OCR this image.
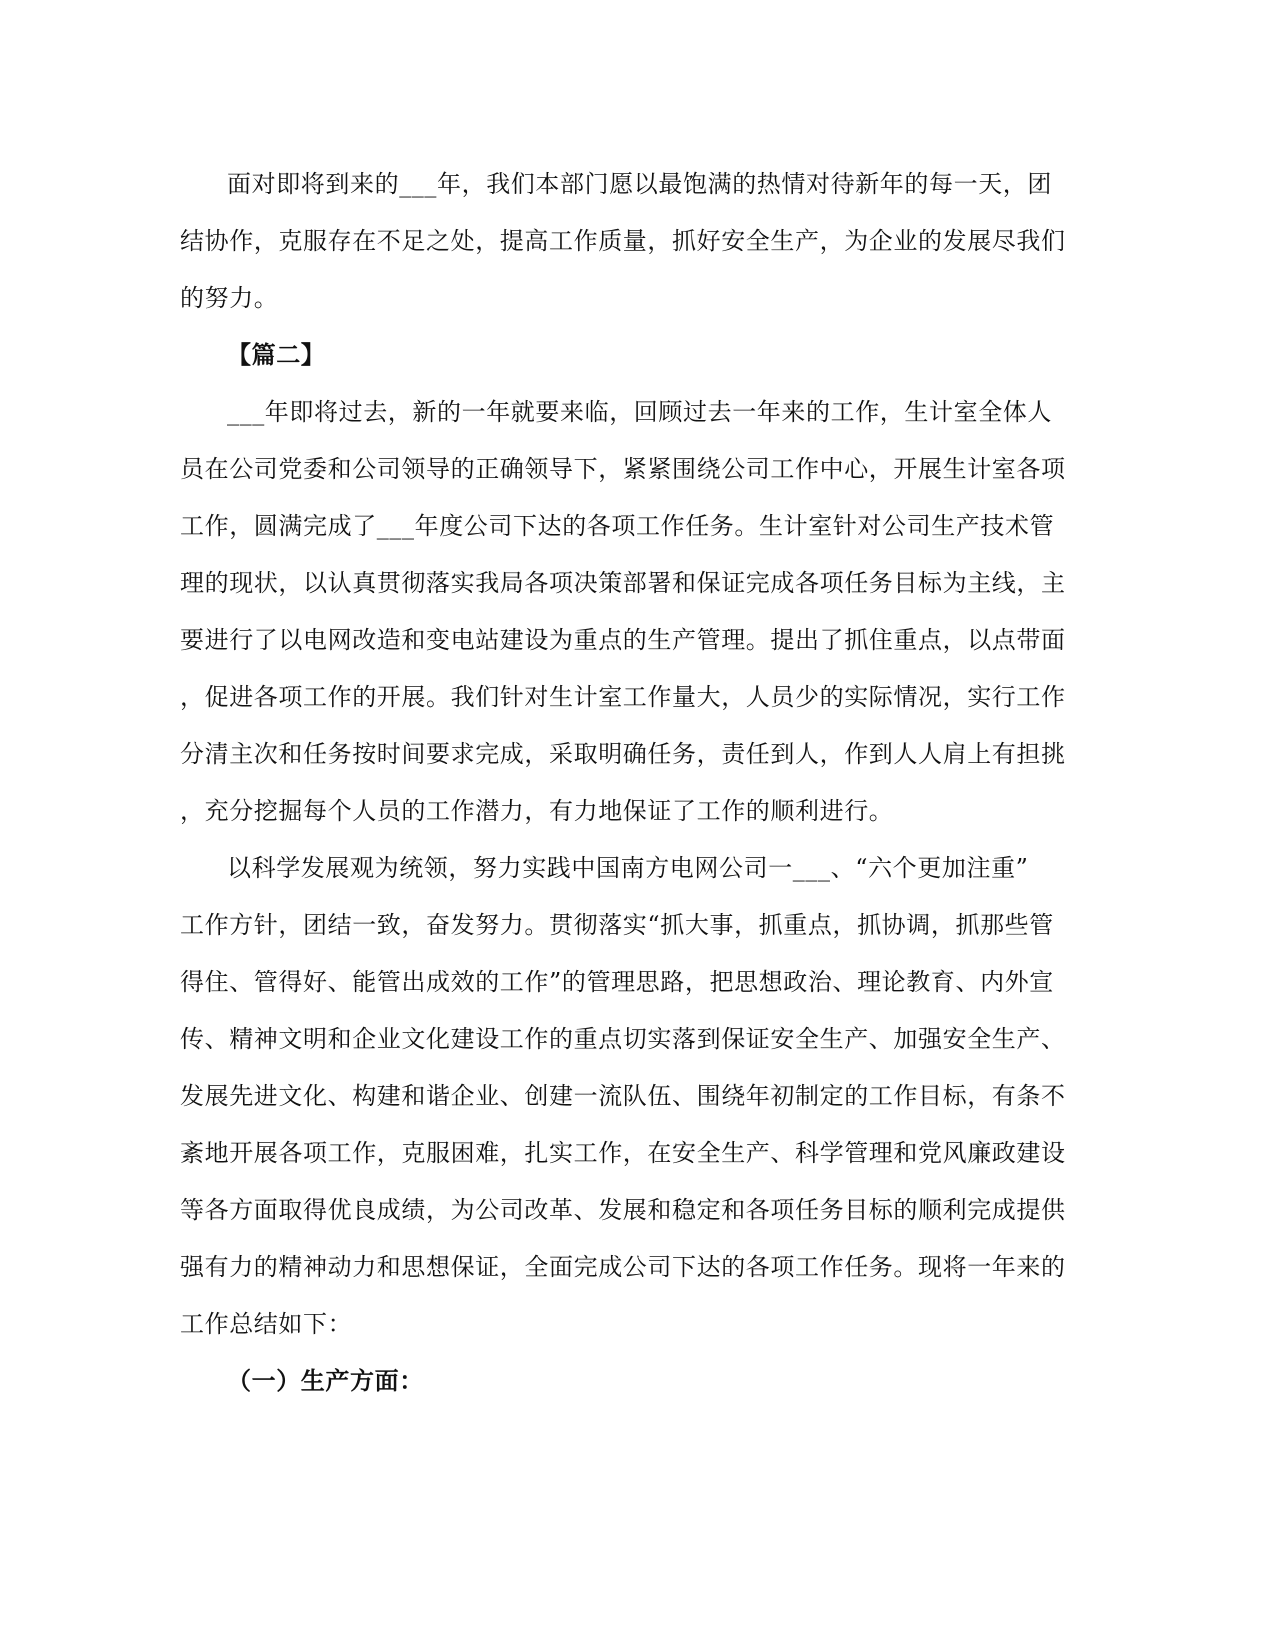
面对即将到来的___年，我们本部门愿以最饱满的热情对待新年的每一天，团
结协作，克服存在不足之处，提高工作质量，抓好安全生产，为企业的发展尽我们
的努力。
【篇二】
___年即将过去，新的一年就要来临，回顾过去一年来的工作，生计室全体人
员在公司党委和公司领导的正确领导下，紧紧围绕公司工作中心，开展生计室各项
工作，圆满完成了___年度公司下达的各项工作任务。生计室针对公司生产技术管
理的现状，以认真贯彻落实我局各项决策部署和保证完成各项任务目标为主线，主
要进行了以电网改造和变电站建设为重点的生产管理。提出了抓住重点，以点带面
，促进各项工作的开展。我们针对生计室工作量大，人员少的实际情况，实行工作
分清主次和任务按时间要求完成，采取明确任务，责任到人，作到人人肩上有担挑
，充分挖掘每个人员的工作潜力，有力地保证了工作的顺利进行。
以科学发展观为统领，努力实践中国南方电网公司一___、“六个更加注重”
工作方针，团结一致，奋发努力。贯彻落实“抓大事，抓重点，抓协调，抓那些管
得住、管得好、能管出成效的工作”的管理思路，把思想政治、理论教育、内外宣
传、精神文明和企业文化建设工作的重点切实落到保证安全生产、加强安全生产、
发展先进文化、构建和谐企业、创建一流队伍、围绕年初制定的工作目标，有条不
紊地开展各项工作，克服困难，扎实工作，在安全生产、科学管理和党风廉政建设
等各方面取得优良成绩，为公司改革、发展和稳定和各项任务目标的顺利完成提供
强有力的精神动力和思想保证，全面完成公司下达的各项工作任务。现将一年来的
工作总结如下：
（一）生产方面：
